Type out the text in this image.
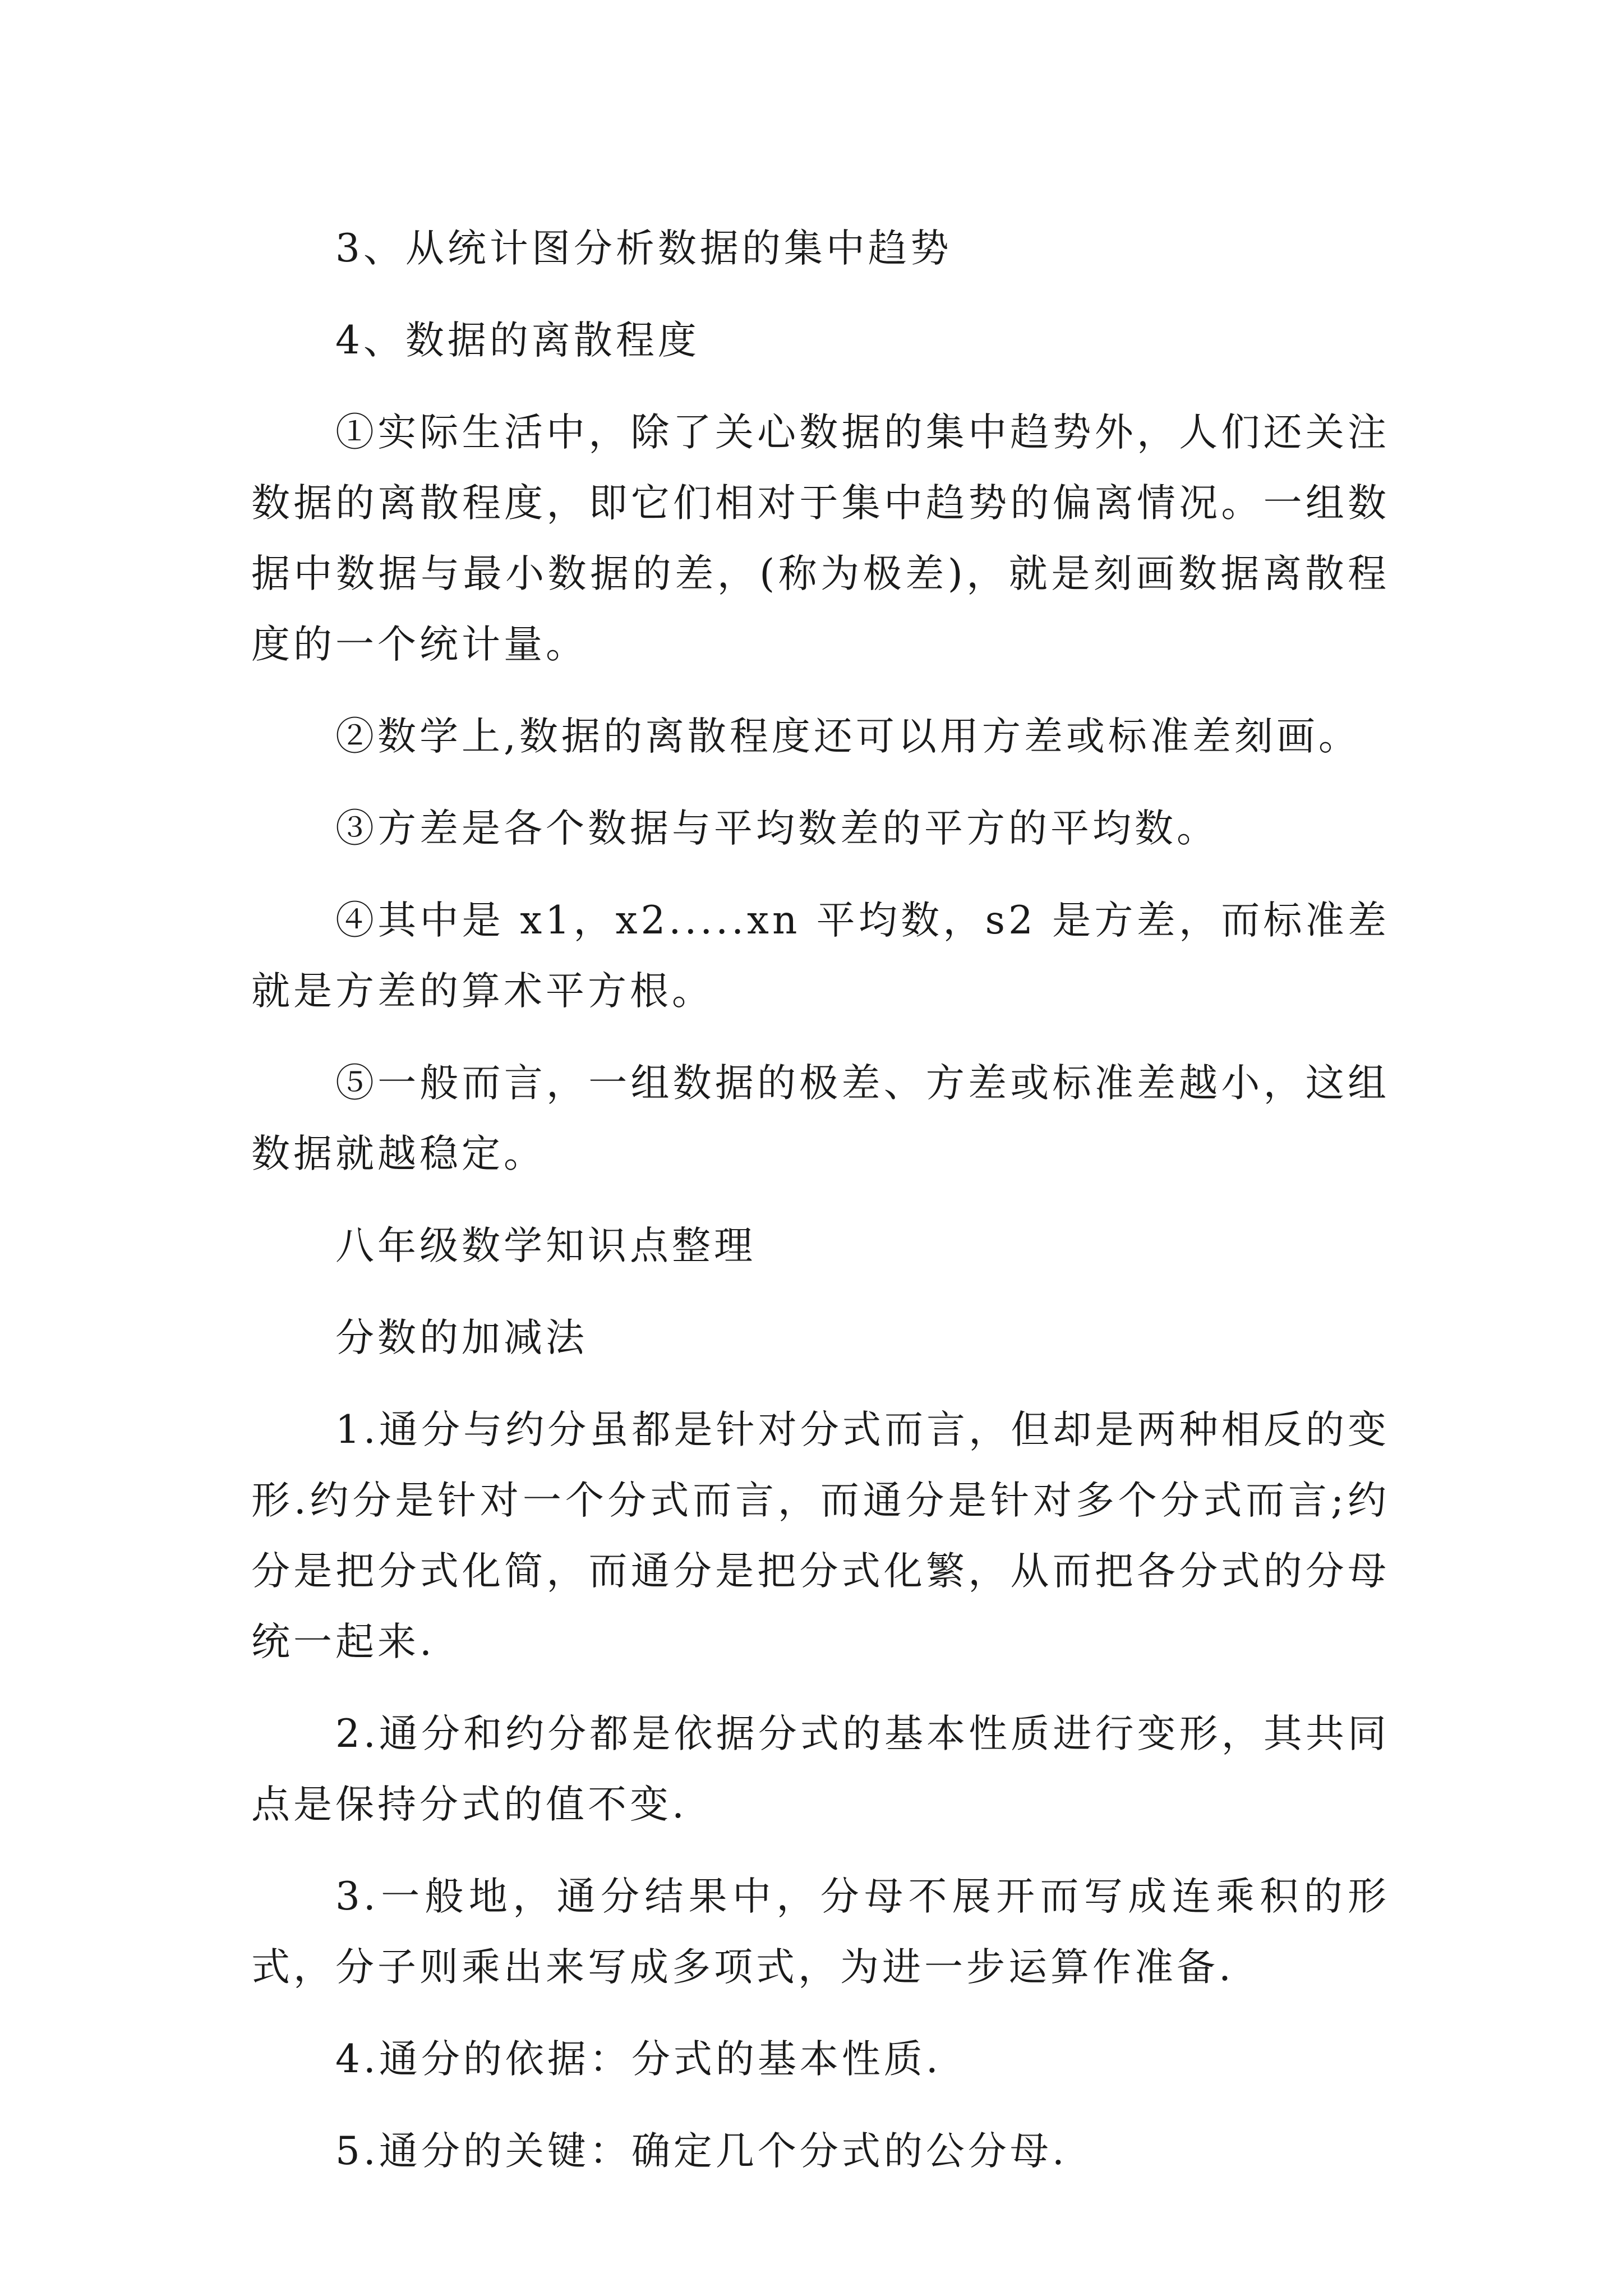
3、从统计图分析数据的集中趋势

4、数据的离散程度

①实际生活中，除了关心数据的集中趋势外，人们还关注数据的离散程度，即它们相对于集中趋势的偏离情况。一组数据中数据与最小数据的差，(称为极差)，就是刻画数据离散程度的一个统计量。

②数学上,数据的离散程度还可以用方差或标准差刻画。

③方差是各个数据与平均数差的平方的平均数。

④其中是 x1，x2.....xn 平均数，s2 是方差，而标准差就是方差的算术平方根。

⑤一般而言，一组数据的极差、方差或标准差越小，这组数据就越稳定。

八年级数学知识点整理

分数的加减法

1.通分与约分虽都是针对分式而言，但却是两种相反的变形.约分是针对一个分式而言，而通分是针对多个分式而言;约分是把分式化简，而通分是把分式化繁，从而把各分式的分母统一起来.

2.通分和约分都是依据分式的基本性质进行变形，其共同点是保持分式的值不变.

3.一般地，通分结果中，分母不展开而写成连乘积的形式，分子则乘出来写成多项式，为进一步运算作准备.

4.通分的依据：分式的基本性质.

5.通分的关键：确定几个分式的公分母.
